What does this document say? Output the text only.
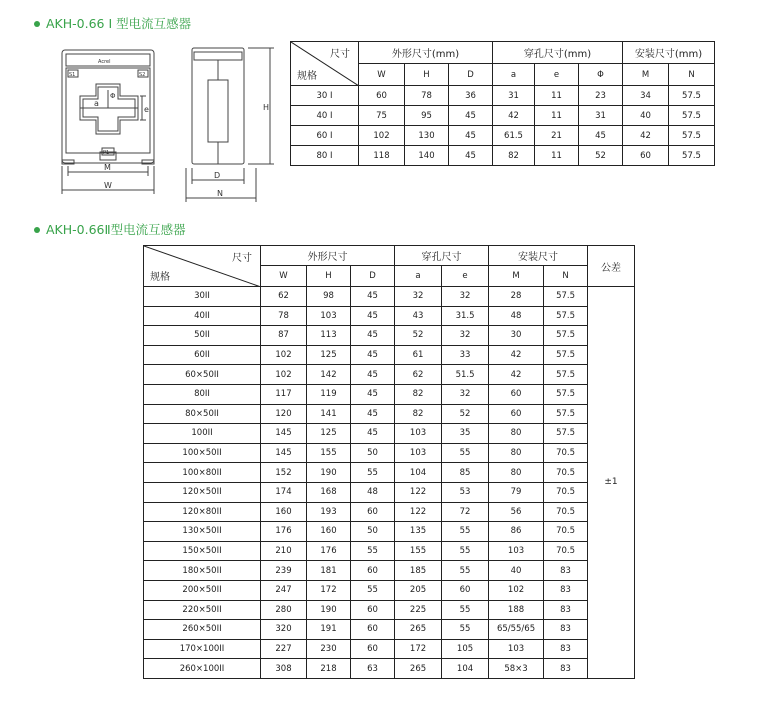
AKH-0.66 I 型电流互感器
S1	S2
P1
Acrel
a
e
Φ
M
W
H
D
N
尺寸
规格	外形尺寸(mm)			穿孔尺寸(mm)			安装尺寸(mm)	
	W	H	D	a	e	Φ	M	N
30 I	60	78	36	31	11	23	34	57.5
40 I	75	95	45	42	11	31	40	57.5
60 I	102	130	45	61.5	21	45	42	57.5
80 I	118	140	45	82	11	52	60	57.5
AKH-0.66Ⅱ型电流互感器
尺寸
规格	外形尺寸			穿孔尺寸		安装尺寸		公差
	W	H	D	a	e	M	N	
30II	62	98	45	32	32	28	57.5	±1
40II	78	103	45	43	31.5	48	57.5	
50II	87	113	45	52	32	30	57.5	
60II	102	125	45	61	33	42	57.5	
60×50II	102	142	45	62	51.5	42	57.5	
80II	117	119	45	82	32	60	57.5	
80×50II	120	141	45	82	52	60	57.5	
100II	145	125	45	103	35	80	57.5	
100×50II	145	155	50	103	55	80	70.5	
100×80II	152	190	55	104	85	80	70.5	
120×50II	174	168	48	122	53	79	70.5	
120×80II	160	193	60	122	72	56	70.5	
130×50II	176	160	50	135	55	86	70.5	
150×50II	210	176	55	155	55	103	70.5	
180×50II	239	181	60	185	55	40	83	
200×50II	247	172	55	205	60	102	83	
220×50II	280	190	60	225	55	188	83	
260×50II	320	191	60	265	55	65/55/65	83	
170×100II	227	230	60	172	105	103	83	
260×100II	308	218	63	265	104	58×3	83	
